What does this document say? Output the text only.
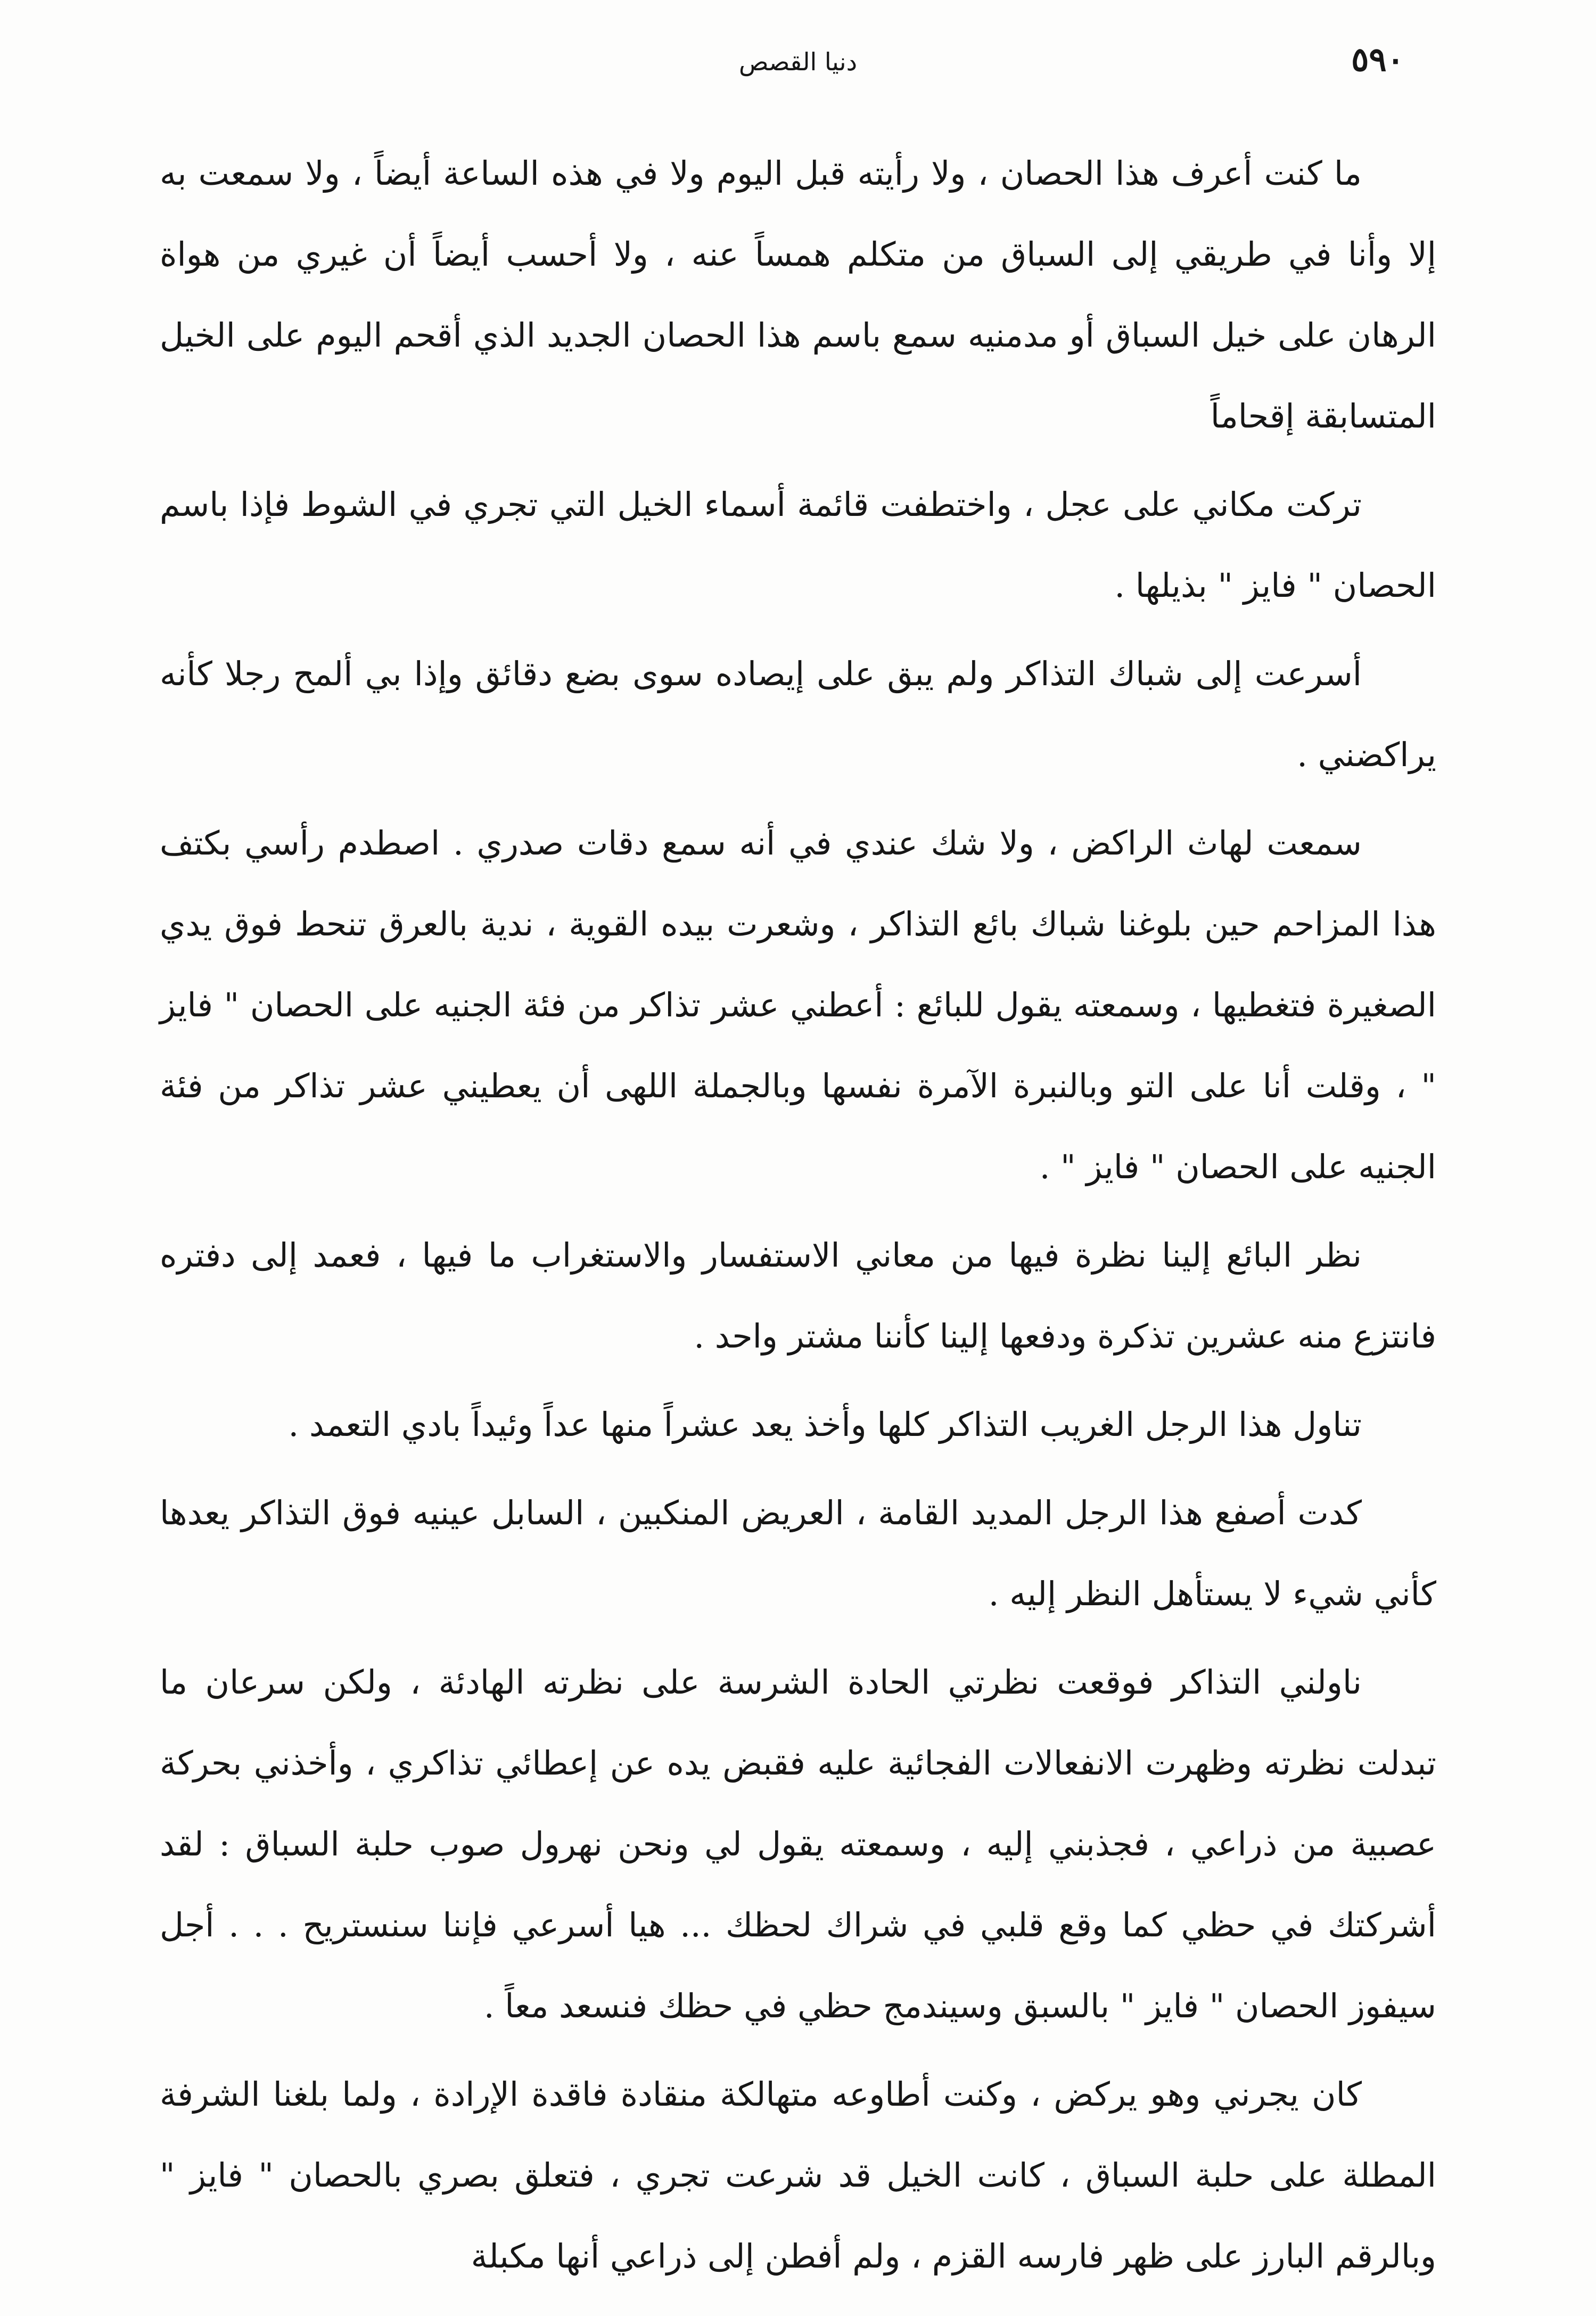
٥٩٠
دنيا القصص

ما كنت أعرف هذا الحصان ، ولا رأيته قبل اليوم ولا في هذه الساعة أيضاً ، ولا سمعت به إلا وأنا في طريقي إلى السباق من متكلم همساً عنه ، ولا أحسب أيضاً أن غيري من هواة الرهان على خيل السباق أو مدمنيه سمع باسم هذا الحصان الجديد الذي أقحم اليوم على الخيل المتسابقة إقحاماً

تركت مكاني على عجل ، واختطفت قائمة أسماء الخيل التي تجري في الشوط فإذا باسم الحصان " فايز " بذيلها .

أسرعت إلى شباك التذاكر ولم يبق على إيصاده سوى بضع دقائق وإذا بي ألمح رجلا كأنه يراكضني .

سمعت لهاث الراكض ، ولا شك عندي في أنه سمع دقات صدري . اصطدم رأسي بكتف هذا المزاحم حين بلوغنا شباك بائع التذاكر ، وشعرت بيده القوية ، ندية بالعرق تنحط فوق يدي الصغيرة فتغطيها ، وسمعته يقول للبائع : أعطني عشر تذاكر من فئة الجنيه على الحصان " فايز " ، وقلت أنا على التو وبالنبرة الآمرة نفسها وبالجملة اللهى أن يعطيني عشر تذاكر من فئة الجنيه على الحصان " فايز " .

نظر البائع إلينا نظرة فيها من معاني الاستفسار والاستغراب ما فيها ، فعمد إلى دفتره فانتزع منه عشرين تذكرة ودفعها إلينا كأننا مشتر واحد .

تناول هذا الرجل الغريب التذاكر كلها وأخذ يعد عشراً منها عداً وئيداً بادي التعمد .

كدت أصفع هذا الرجل المديد القامة ، العريض المنكبين ، السابل عينيه فوق التذاكر يعدها كأني شيء لا يستأهل النظر إليه .

ناولني التذاكر فوقعت نظرتي الحادة الشرسة على نظرته الهادئة ، ولكن سرعان ما تبدلت نظرته وظهرت الانفعالات الفجائية عليه فقبض يده عن إعطائي تذاكري ، وأخذني بحركة عصبية من ذراعي ، فجذبني إليه ، وسمعته يقول لي ونحن نهرول صوب حلبة السباق : لقد أشركتك في حظي كما وقع قلبي في شراك لحظك ... هيا أسرعي فإننا سنستريح . . . أجل سيفوز الحصان " فايز " بالسبق وسيندمج حظي في حظك فنسعد معاً .

كان يجرني وهو يركض ، وكنت أطاوعه متهالكة منقادة فاقدة الإرادة ، ولما بلغنا الشرفة المطلة على حلبة السباق ، كانت الخيل قد شرعت تجري ، فتعلق بصري بالحصان " فايز " وبالرقم البارز على ظهر فارسه القزم ، ولم أفطن إلى ذراعي أنها مكبلة
